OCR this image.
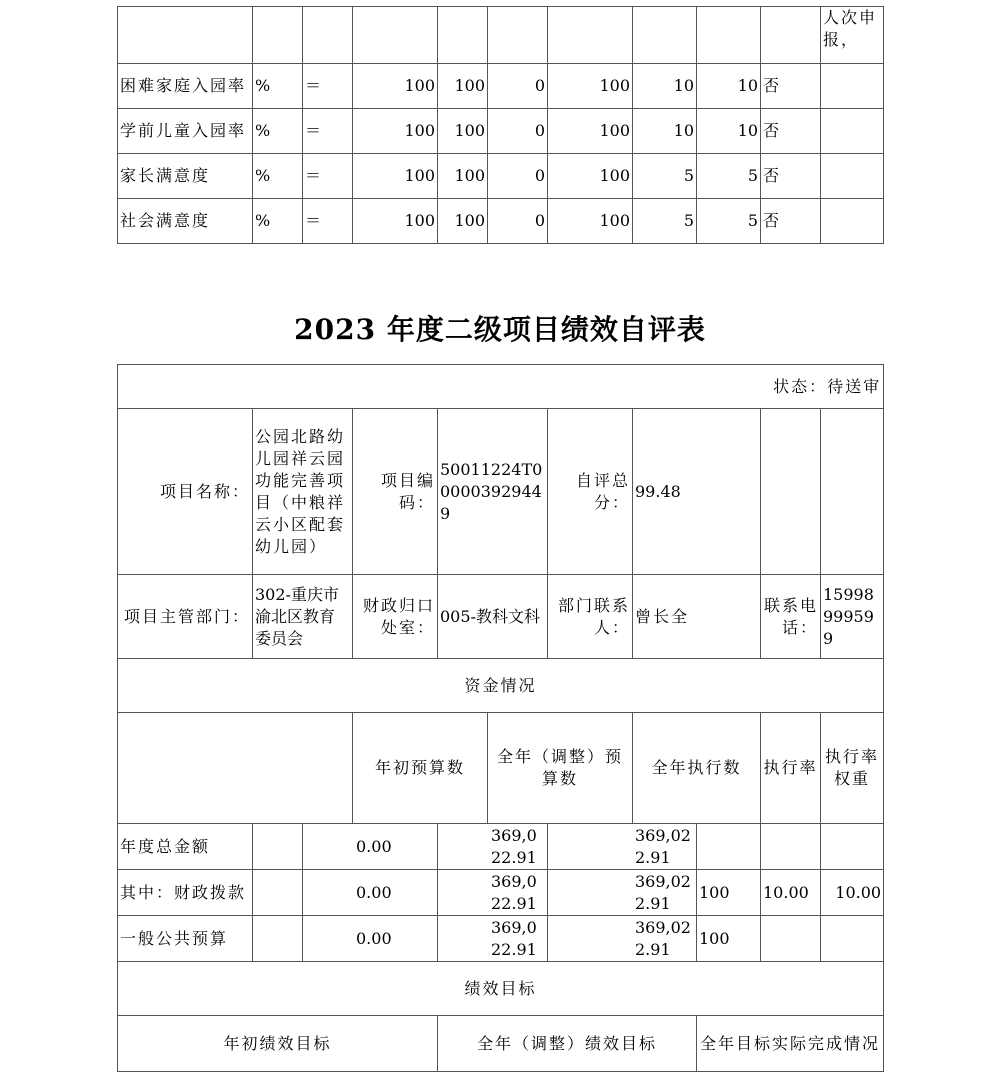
										人次申报，
困难家庭入园率	%	＝	100	100	0	100	10	10	否	
学前儿童入园率	%	＝	100	100	0	100	10	10	否	
家长满意度	%	＝	100	100	0	100	5	5	否	
社会满意度	%	＝	100	100	0	100	5	5	否	
2023 年度二级项目绩效自评表
状态：待送审											
项目名称：	公园北路幼儿园祥云园功能完善项目（中粮祥云小区配套幼儿园）		项目编码：	50011224T000003929449		自评总分：	99.48				
项目主管部门：	302-重庆市渝北区教育委员会		财政归口处室：	005-教科文科		部门联系人：	曾长全		联系电话：	15998999599	
资金情况											
			年初预算数		全年（调整）预算数		全年执行数		执行率	执行率权重	
年度总金额		0.00		369,022.91		369,022.91					
其中：财政拨款		0.00		369,022.91		369,022.91		100	10.00	10.00	
一般公共预算		0.00		369,022.91		369,022.91		100			
绩效目标											
年初绩效目标				全年（调整）绩效目标				全年目标实际完成情况			
